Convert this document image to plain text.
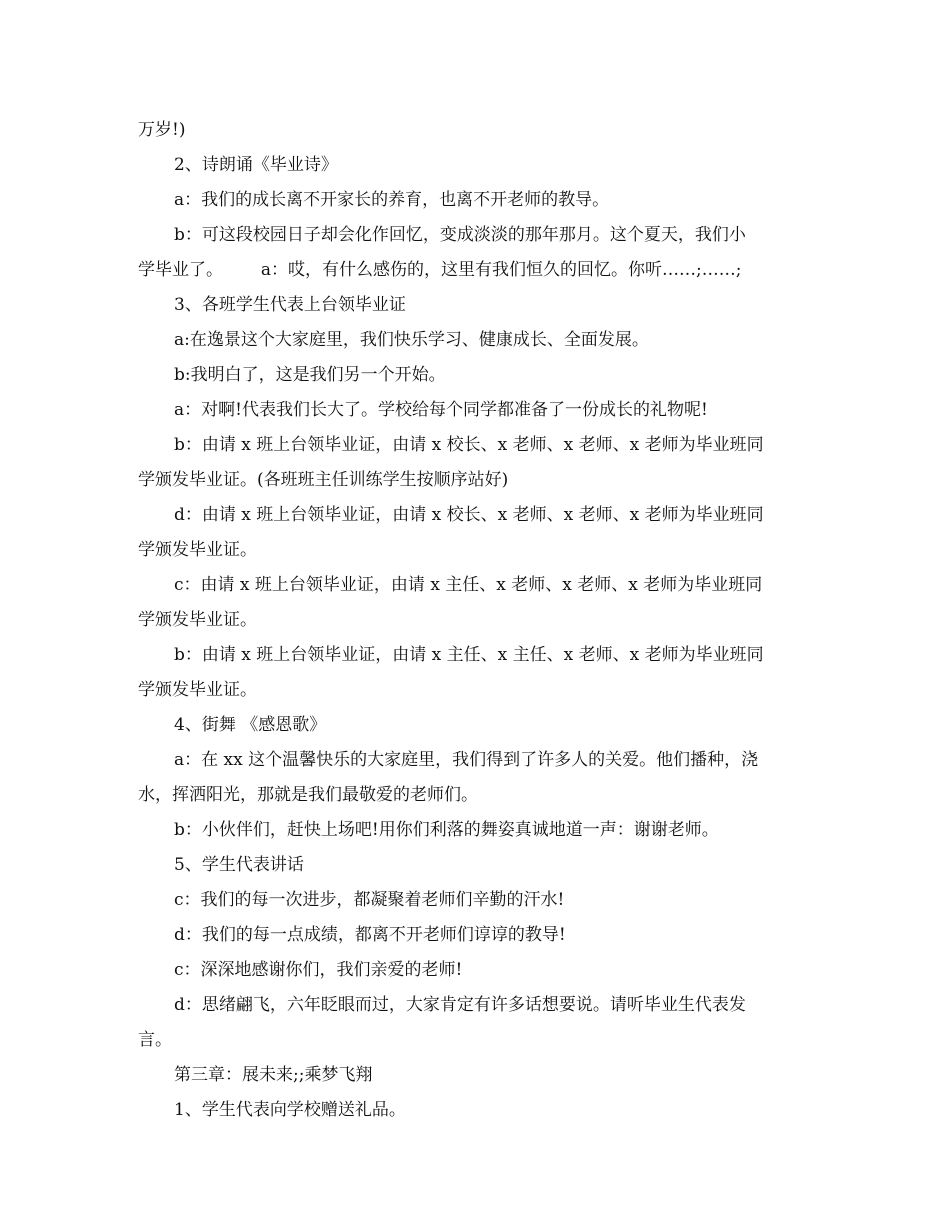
万岁!)

2、诗朗诵《毕业诗》

a：我们的成长离不开家长的养育，也离不开老师的教导。

b：可这段校园日子却会化作回忆，变成淡淡的那年那月。这个夏天，我们小

学毕业了。       a：哎，有什么感伤的，这里有我们恒久的回忆。你听……;……;

3、各班学生代表上台领毕业证

a:在逸景这个大家庭里，我们快乐学习、健康成长、全面发展。

b:我明白了，这是我们另一个开始。

a：对啊!代表我们长大了。学校给每个同学都准备了一份成长的礼物呢!

b：由请 x 班上台领毕业证，由请 x 校长、x 老师、x 老师、x 老师为毕业班同

学颁发毕业证。(各班班主任训练学生按顺序站好)

d：由请 x 班上台领毕业证，由请 x 校长、x 老师、x 老师、x 老师为毕业班同

学颁发毕业证。

c：由请 x 班上台领毕业证，由请 x 主任、x 老师、x 老师、x 老师为毕业班同

学颁发毕业证。

b：由请 x 班上台领毕业证，由请 x 主任、x 主任、x 老师、x 老师为毕业班同

学颁发毕业证。

4、街舞 《感恩歌》

a：在 xx 这个温馨快乐的大家庭里，我们得到了许多人的关爱。他们播种，浇

水，挥洒阳光，那就是我们最敬爱的老师们。

b：小伙伴们，赶快上场吧!用你们利落的舞姿真诚地道一声：谢谢老师。

5、学生代表讲话

c：我们的每一次进步，都凝聚着老师们辛勤的汗水!

d：我们的每一点成绩，都离不开老师们谆谆的教导!

c：深深地感谢你们，我们亲爱的老师!

d：思绪翩飞，六年眨眼而过，大家肯定有许多话想要说。请听毕业生代表发

言。

第三章：展未来;;乘梦飞翔

1、学生代表向学校赠送礼品。
